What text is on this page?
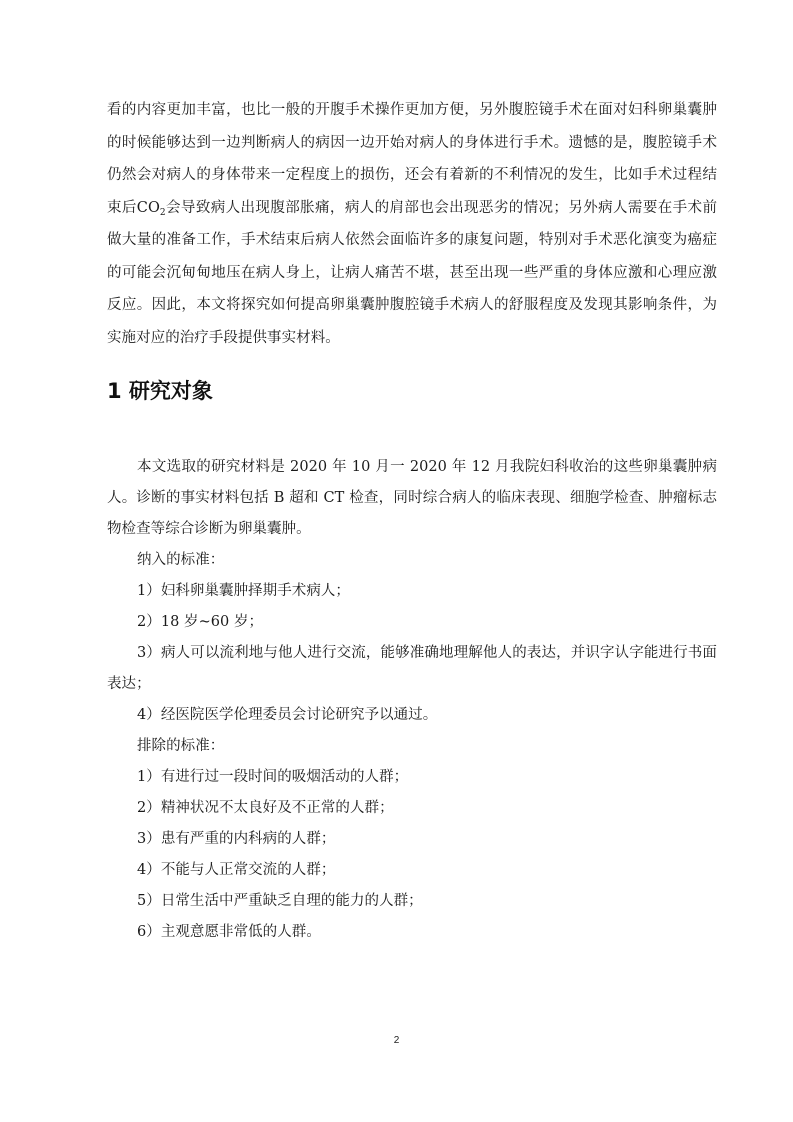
看的内容更加丰富，也比一般的开腹手术操作更加方便，另外腹腔镜手术在面对妇科卵巢囊肿的时候能够达到一边判断病人的病因一边开始对病人的身体进行手术。遗憾的是，腹腔镜手术仍然会对病人的身体带来一定程度上的损伤，还会有着新的不利情况的发生，比如手术过程结束后$CO_2$会导致病人出现腹部胀痛，病人的肩部也会出现恶劣的情况；另外病人需要在手术前做大量的准备工作，手术结束后病人依然会面临许多的康复问题，特别对手术恶化演变为癌症的可能会沉甸甸地压在病人身上，让病人痛苦不堪，甚至出现一些严重的身体应激和心理应激反应。因此，本文将探究如何提高卵巢囊肿腹腔镜手术病人的舒服程度及发现其影响条件，为实施对应的治疗手段提供事实材料。

1 研究对象

本文选取的研究材料是 2020 年 10 月一 2020 年 12 月我院妇科收治的这些卵巢囊肿病人。诊断的事实材料包括 B 超和 CT 检查，同时综合病人的临床表现、细胞学检查、肿瘤标志物检查等综合诊断为卵巢囊肿。

纳入的标准：

1）妇科卵巢囊肿择期手术病人；

2）18 岁~60 岁；

3）病人可以流利地与他人进行交流，能够准确地理解他人的表达，并识字认字能进行书面表达；

4）经医院医学伦理委员会讨论研究予以通过。

排除的标准：

1）有进行过一段时间的吸烟活动的人群；

2）精神状况不太良好及不正常的人群；

3）患有严重的内科病的人群；

4）不能与人正常交流的人群；

5）日常生活中严重缺乏自理的能力的人群；

6）主观意愿非常低的人群。

2
